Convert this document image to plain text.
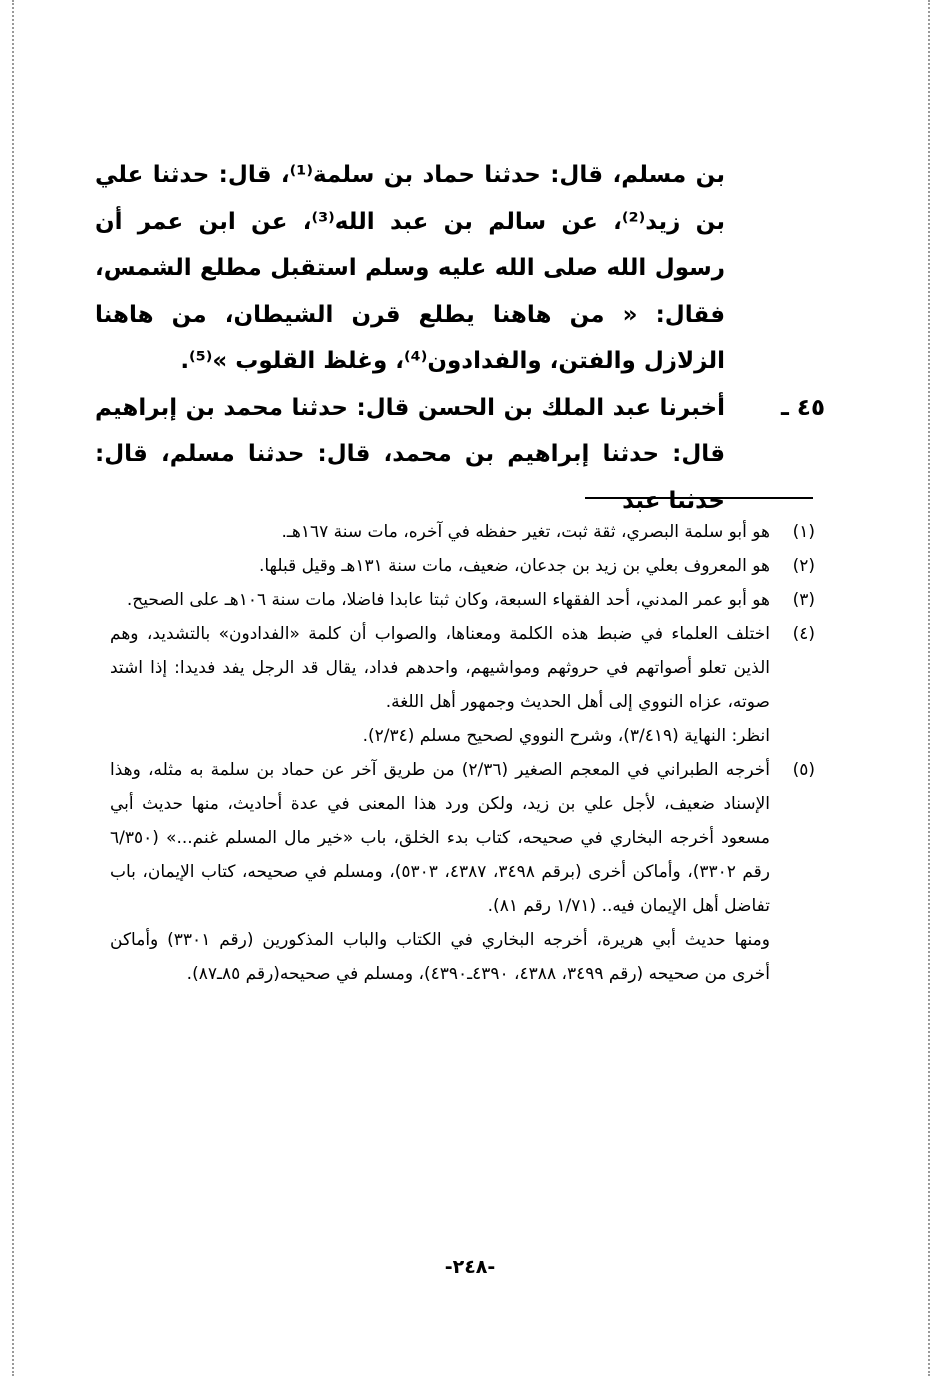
بن مسلم، قال: حدثنا حماد بن سلمة⁽¹⁾، قال: حدثنا علي بن زيد⁽²⁾، عن سالم بن عبد الله⁽³⁾، عن ابن عمر أن رسول الله صلى الله عليه وسلم استقبل مطلع الشمس، فقال: « من هاهنا يطلع قرن الشيطان، من هاهنا الزلازل والفتن، والفدادون⁽⁴⁾، وغلظ القلوب »⁽⁵⁾.

٤٥ ـ
أخبرنا عبد الملك بن الحسن قال: حدثنا محمد بن إبراهيم قال: حدثنا إبراهيم بن محمد، قال: حدثنا مسلم، قال: حدثنا عبد

(١)
هو أبو سلمة البصري، ثقة ثبت، تغير حفظه في آخره، مات سنة ١٦٧هـ.
(٢)
هو المعروف بعلي بن زيد بن جدعان، ضعيف، مات سنة ١٣١هـ وقيل قبلها.
(٣)
هو أبو عمر المدني، أحد الفقهاء السبعة، وكان ثبتا عابدا فاضلا، مات سنة ١٠٦هـ على الصحيح.
(٤)
اختلف العلماء في ضبط هذه الكلمة ومعناها، والصواب أن كلمة «الفدادون» بالتشديد، وهم الذين تعلو أصواتهم في حروثهم ومواشيهم، واحدهم فداد، يقال قد الرجل يفد فديدا: إذا اشتد صوته، عزاه النووي إلى أهل الحديث وجمهور أهل اللغة.
انظر: النهاية (٣/٤١٩)، وشرح النووي لصحيح مسلم (٢/٣٤).
(٥)
أخرجه الطبراني في المعجم الصغير (٢/٣٦) من طريق آخر عن حماد بن سلمة به مثله، وهذا الإسناد ضعيف، لأجل علي بن زيد، ولكن ورد هذا المعنى في عدة أحاديث، منها حديث أبي مسعود أخرجه البخاري في صحيحه، كتاب بدء الخلق، باب «خير مال المسلم غنم...» (٦/٣٥٠ رقم ٣٣٠٢)، وأماكن أخرى (برقم ٣٤٩٨، ٤٣٨٧، ٥٣٠٣)، ومسلم في صحيحه، كتاب الإيمان، باب تفاضل أهل الإيمان فيه.. (١/٧١ رقم ٨١).
ومنها حديث أبي هريرة، أخرجه البخاري في الكتاب والباب المذكورين (رقم ٣٣٠١) وأماكن أخرى من صحيحه (رقم ٣٤٩٩، ٤٣٨٨، ٤٣٩٠ـ٤٣٩٠)، ومسلم في صحيحه(رقم ٨٥ـ٨٧).
-٢٤٨-
